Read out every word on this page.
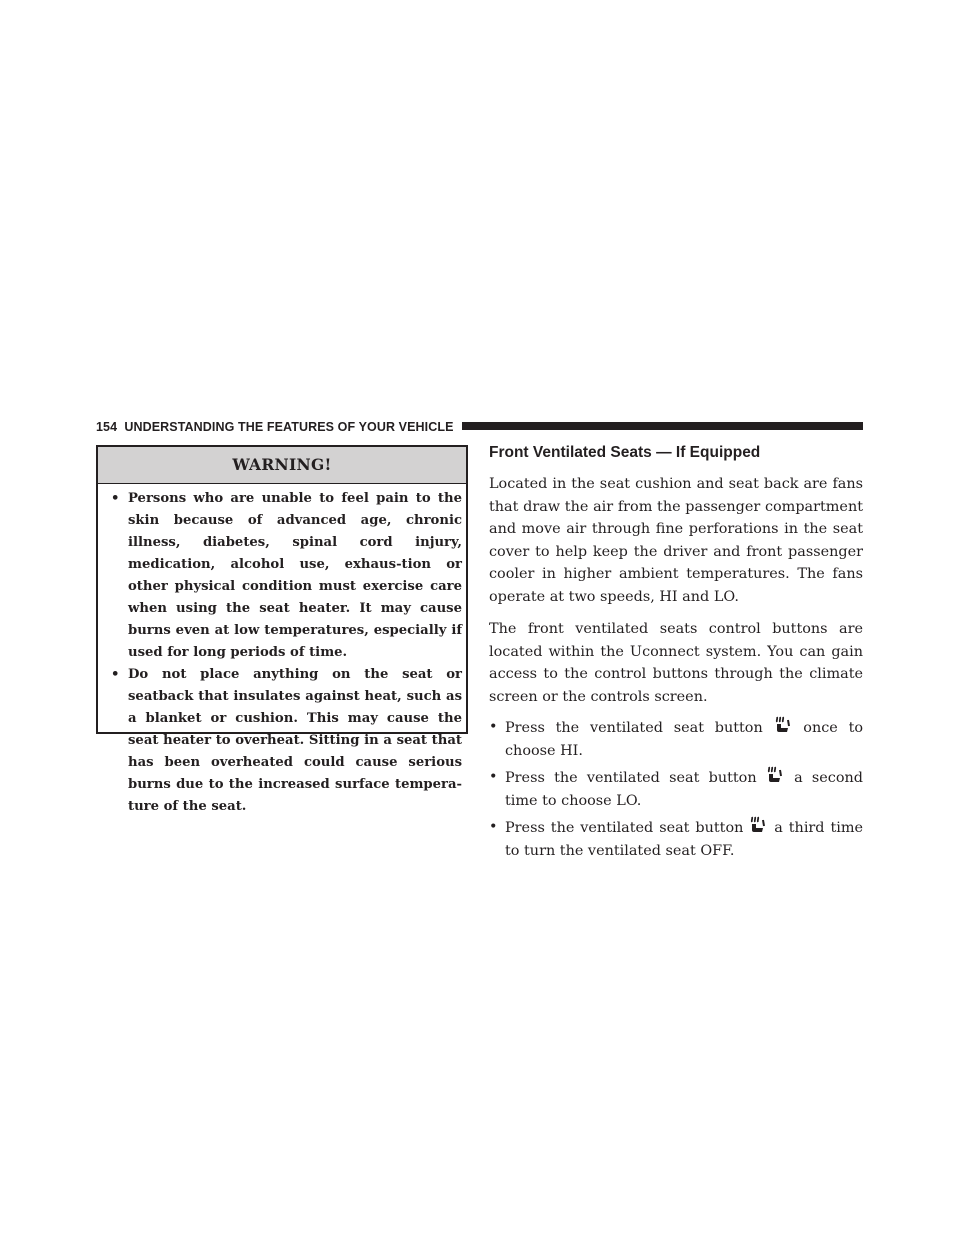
154 UNDERSTANDING THE FEATURES OF YOUR VEHICLE
WARNING!
• Persons who are unable to feel pain to the skin because of advanced age, chronic illness, diabetes, spinal cord injury, medication, alcohol use, exhaus-tion or other physical condition must exercise care when using the seat heater. It may cause burns even at low temperatures, especially if used for long periods of time.
• Do not place anything on the seat or seatback that insulates against heat, such as a blanket or cushion. This may cause the seat heater to overheat. Sitting in a seat that has been overheated could cause serious burns due to the increased surface tempera-ture of the seat.
Front Ventilated Seats — If Equipped

Located in the seat cushion and seat back are fans that draw the air from the passenger compartment and move air through fine perforations in the seat cover to help keep the driver and front passenger cooler in higher ambient temperatures. The fans operate at two speeds, HI and LO.

The front ventilated seats control buttons are located within the Uconnect system. You can gain access to the control buttons through the climate screen or the controls screen.

• Press the ventilated seat button	once to choose HI.
• Press the ventilated seat button	a second time to choose LO.
• Press the ventilated seat button a third time to turn the ventilated seat OFF.
